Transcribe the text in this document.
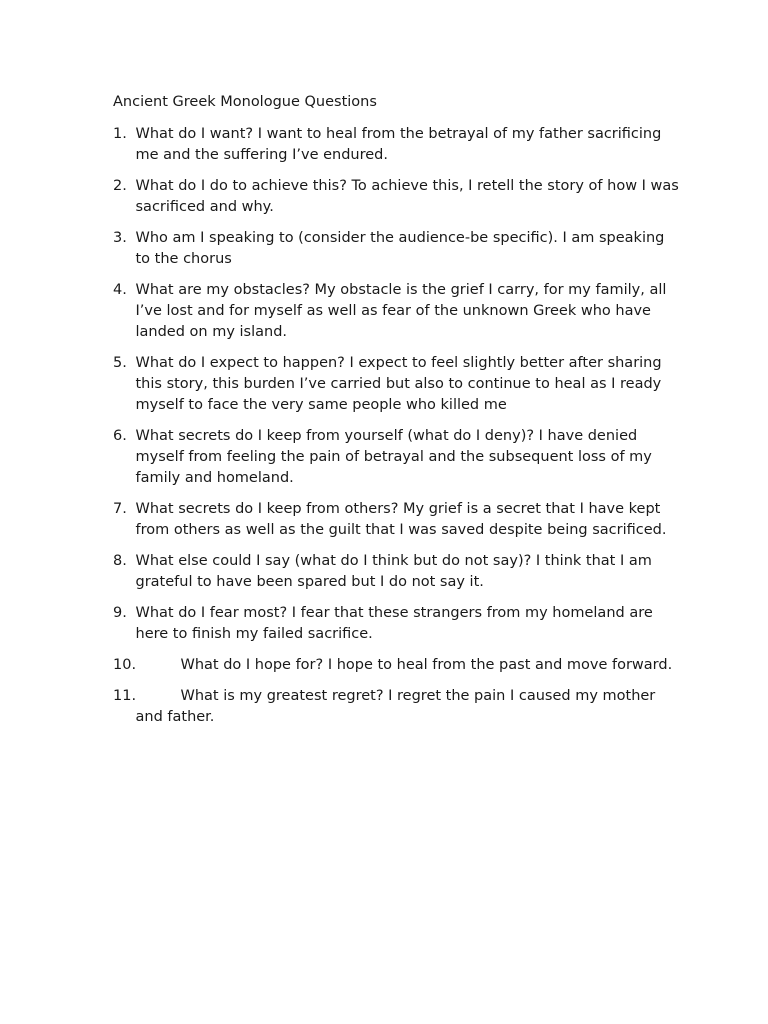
Ancient Greek Monologue Questions
1. What do I want? I want to heal from the betrayal of my father sacrificing me and the suffering I’ve endured.
2. What do I do to achieve this? To achieve this, I retell the story of how I was sacrificed and why.
3. Who am I speaking to (consider the audience-be specific). I am speaking to the chorus
4. What are my obstacles? My obstacle is the grief I carry, for my family, all I’ve lost and for myself as well as fear of the unknown Greek who have landed on my island.
5. What do I expect to happen? I expect to feel slightly better after sharing this story, this burden I’ve carried but also to continue to heal as I ready myself to face the very same people who killed me
6. What secrets do I keep from yourself (what do I deny)? I have denied myself from feeling the pain of betrayal and the subsequent loss of my family and homeland.
7. What secrets do I keep from others? My grief is a secret that I have kept from others as well as the guilt that I was saved despite being sacrificed.
8. What else could I say (what do I think but do not say)? I think that I am grateful to have been spared but I do not say it.
9. What do I fear most? I fear that these strangers from my homeland are here to finish my failed sacrifice.
10.	What do I hope for? I hope to heal from the past and move forward.
11.	What is my greatest regret? I regret the pain I caused my mother and father.
